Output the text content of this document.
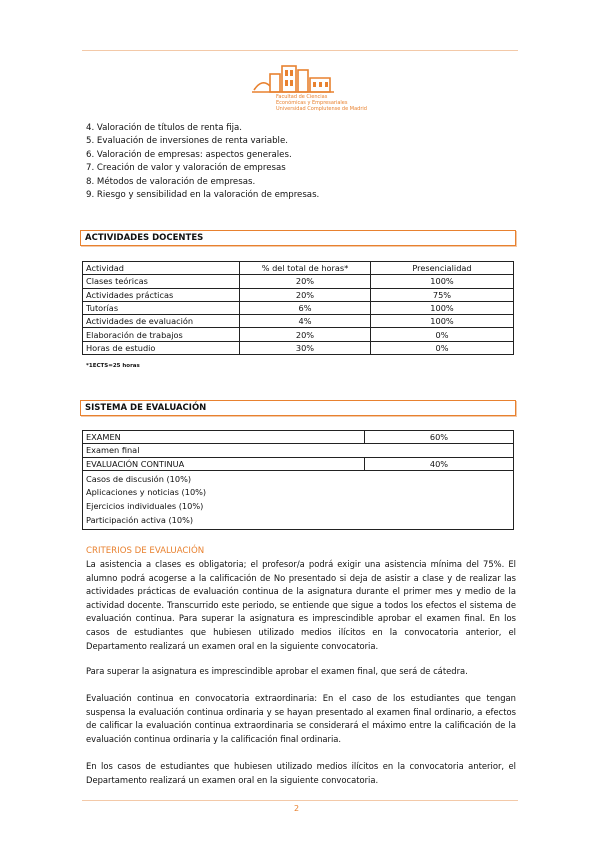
Facultad de Ciencias
Económicas y Empresariales
Universidad Complutense de Madrid
4. Valoración de títulos de renta fija.
5. Evaluación de inversiones de renta variable.
6. Valoración de empresas: aspectos generales.
7. Creación de valor y valoración de empresas
8. Métodos de valoración de empresas.
9. Riesgo y sensibilidad en la valoración de empresas.
ACTIVIDADES DOCENTES
Actividad	% del total de horas*	Presencialidad
Clases teóricas	20%	100%
Actividades prácticas	20%	75%
Tutorías	6%	100%
Actividades de evaluación	4%	100%
Elaboración de trabajos	20%	0%
Horas de estudio	30%	0%
*1ECTS=25 horas
SISTEMA DE EVALUACIÓN
EXAMEN	60%
Examen final	
EVALUACIÓN CONTINUA	40%

Casos de discusión (10%)
Aplicaciones y noticias (10%)
Ejercicios individuales (10%)
Participación activa (10%)	
CRITERIOS DE EVALUACIÓN
La asistencia a clases es obligatoria; el profesor/a podrá exigir una asistencia mínima del 75%. El alumno podrá acogerse a la calificación de No presentado si deja de asistir a clase y de realizar las actividades prácticas de evaluación continua de la asignatura durante el primer mes y medio de la actividad docente. Transcurrido este periodo, se entiende que sigue a todos los efectos el sistema de evaluación continua. Para superar la asignatura es imprescindible aprobar el examen final. En los casos de estudiantes que hubiesen utilizado medios ilícitos en la convocatoria anterior, el Departamento realizará un examen oral en la siguiente convocatoria.
Para superar la asignatura es imprescindible aprobar el examen final, que será de cátedra.
Evaluación continua en convocatoria extraordinaria: En el caso de los estudiantes que tengan suspensa la evaluación continua ordinaria y se hayan presentado al examen final ordinario, a efectos de calificar la evaluación continua extraordinaria se considerará el máximo entre la calificación de la evaluación continua ordinaria y la calificación final ordinaria.
En los casos de estudiantes que hubiesen utilizado medios ilícitos en la convocatoria anterior, el Departamento realizará un examen oral en la siguiente convocatoria.
2
